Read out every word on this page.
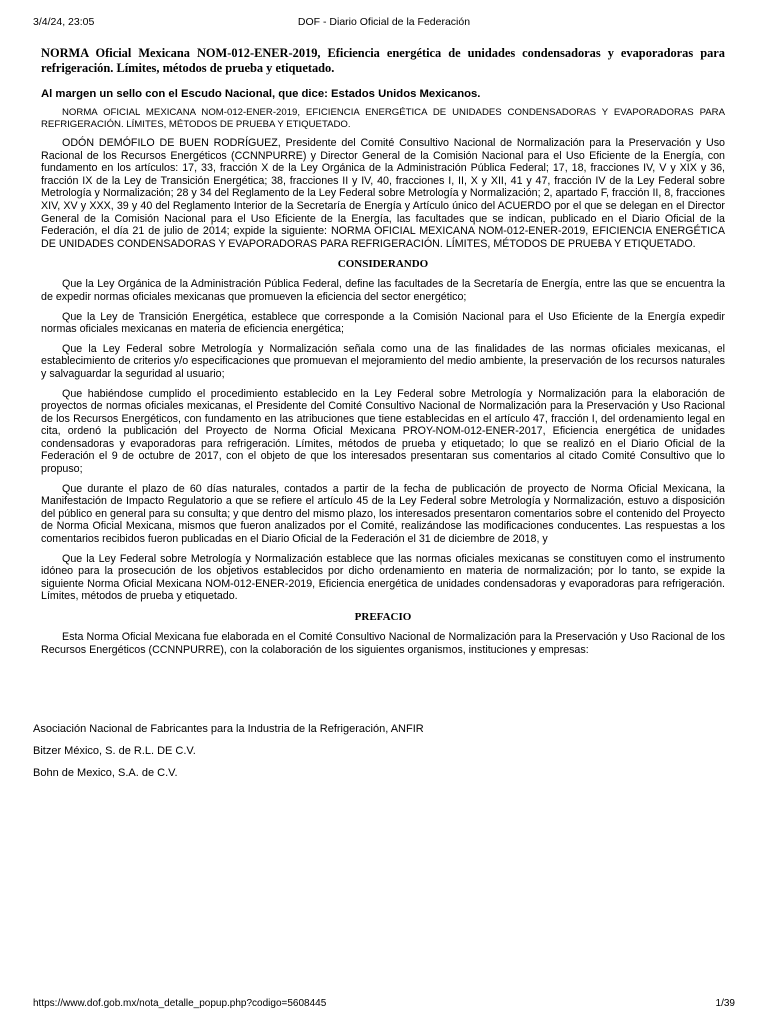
3/4/24, 23:05	DOF - Diario Oficial de la Federación
NORMA Oficial Mexicana NOM-012-ENER-2019, Eficiencia energética de unidades condensadoras y evaporadoras para refrigeración. Límites, métodos de prueba y etiquetado.
Al margen un sello con el Escudo Nacional, que dice: Estados Unidos Mexicanos.
NORMA OFICIAL MEXICANA NOM-012-ENER-2019, EFICIENCIA ENERGÉTICA DE UNIDADES CONDENSADORAS Y EVAPORADORAS PARA REFRIGERACIÓN. LÍMITES, MÉTODOS DE PRUEBA Y ETIQUETADO.

ODÓN DEMÓFILO DE BUEN RODRÍGUEZ, Presidente del Comité Consultivo Nacional de Normalización para la Preservación y Uso Racional de los Recursos Energéticos (CCNNPURRE) y Director General de la Comisión Nacional para el Uso Eficiente de la Energía, con fundamento en los artículos: 17, 33, fracción X de la Ley Orgánica de la Administración Pública Federal; 17, 18, fracciones IV, V y XIX y 36, fracción IX de la Ley de Transición Energética; 38, fracciones II y IV, 40, fracciones I, II, X y XII, 41 y 47, fracción IV de la Ley Federal sobre Metrología y Normalización; 28 y 34 del Reglamento de la Ley Federal sobre Metrología y Normalización; 2, apartado F, fracción II, 8, fracciones XIV, XV y XXX, 39 y 40 del Reglamento Interior de la Secretaría de Energía y Artículo único del ACUERDO por el que se delegan en el Director General de la Comisión Nacional para el Uso Eficiente de la Energía, las facultades que se indican, publicado en el Diario Oficial de la Federación, el día 21 de julio de 2014; expide la siguiente: NORMA OFICIAL MEXICANA NOM-012-ENER-2019, EFICIENCIA ENERGÉTICA DE UNIDADES CONDENSADORAS Y EVAPORADORAS PARA REFRIGERACIÓN. LÍMITES, MÉTODOS DE PRUEBA Y ETIQUETADO.

CONSIDERANDO

Que la Ley Orgánica de la Administración Pública Federal, define las facultades de la Secretaría de Energía, entre las que se encuentra la de expedir normas oficiales mexicanas que promueven la eficiencia del sector energético;

Que la Ley de Transición Energética, establece que corresponde a la Comisión Nacional para el Uso Eficiente de la Energía expedir normas oficiales mexicanas en materia de eficiencia energética;

Que la Ley Federal sobre Metrología y Normalización señala como una de las finalidades de las normas oficiales mexicanas, el establecimiento de criterios y/o especificaciones que promuevan el mejoramiento del medio ambiente, la preservación de los recursos naturales y salvaguardar la seguridad al usuario;

Que habiéndose cumplido el procedimiento establecido en la Ley Federal sobre Metrología y Normalización para la elaboración de proyectos de normas oficiales mexicanas, el Presidente del Comité Consultivo Nacional de Normalización para la Preservación y Uso Racional de los Recursos Energéticos, con fundamento en las atribuciones que tiene establecidas en el artículo 47, fracción I, del ordenamiento legal en cita, ordenó la publicación del Proyecto de Norma Oficial Mexicana PROY-NOM-012-ENER-2017, Eficiencia energética de unidades condensadoras y evaporadoras para refrigeración. Límites, métodos de prueba y etiquetado; lo que se realizó en el Diario Oficial de la Federación el 9 de octubre de 2017, con el objeto de que los interesados presentaran sus comentarios al citado Comité Consultivo que lo propuso;

Que durante el plazo de 60 días naturales, contados a partir de la fecha de publicación de proyecto de Norma Oficial Mexicana, la Manifestación de Impacto Regulatorio a que se refiere el artículo 45 de la Ley Federal sobre Metrología y Normalización, estuvo a disposición del público en general para su consulta; y que dentro del mismo plazo, los interesados presentaron comentarios sobre el contenido del Proyecto de Norma Oficial Mexicana, mismos que fueron analizados por el Comité, realizándose las modificaciones conducentes. Las respuestas a los comentarios recibidos fueron publicadas en el Diario Oficial de la Federación el 31 de diciembre de 2018, y

Que la Ley Federal sobre Metrología y Normalización establece que las normas oficiales mexicanas se constituyen como el instrumento idóneo para la prosecución de los objetivos establecidos por dicho ordenamiento en materia de normalización; por lo tanto, se expide la siguiente Norma Oficial Mexicana NOM-012-ENER-2019, Eficiencia energética de unidades condensadoras y evaporadoras para refrigeración. Límites, métodos de prueba y etiquetado.

PREFACIO

Esta Norma Oficial Mexicana fue elaborada en el Comité Consultivo Nacional de Normalización para la Preservación y Uso Racional de los Recursos Energéticos (CCNNPURRE), con la colaboración de los siguientes organismos, instituciones y empresas:

Asociación Nacional de Fabricantes para la Industria de la Refrigeración, ANFIR
Bitzer México, S. de R.L. DE C.V.
Bohn de Mexico, S.A. de C.V.
https://www.dof.gob.mx/nota_detalle_popup.php?codigo=5608445	1/39
